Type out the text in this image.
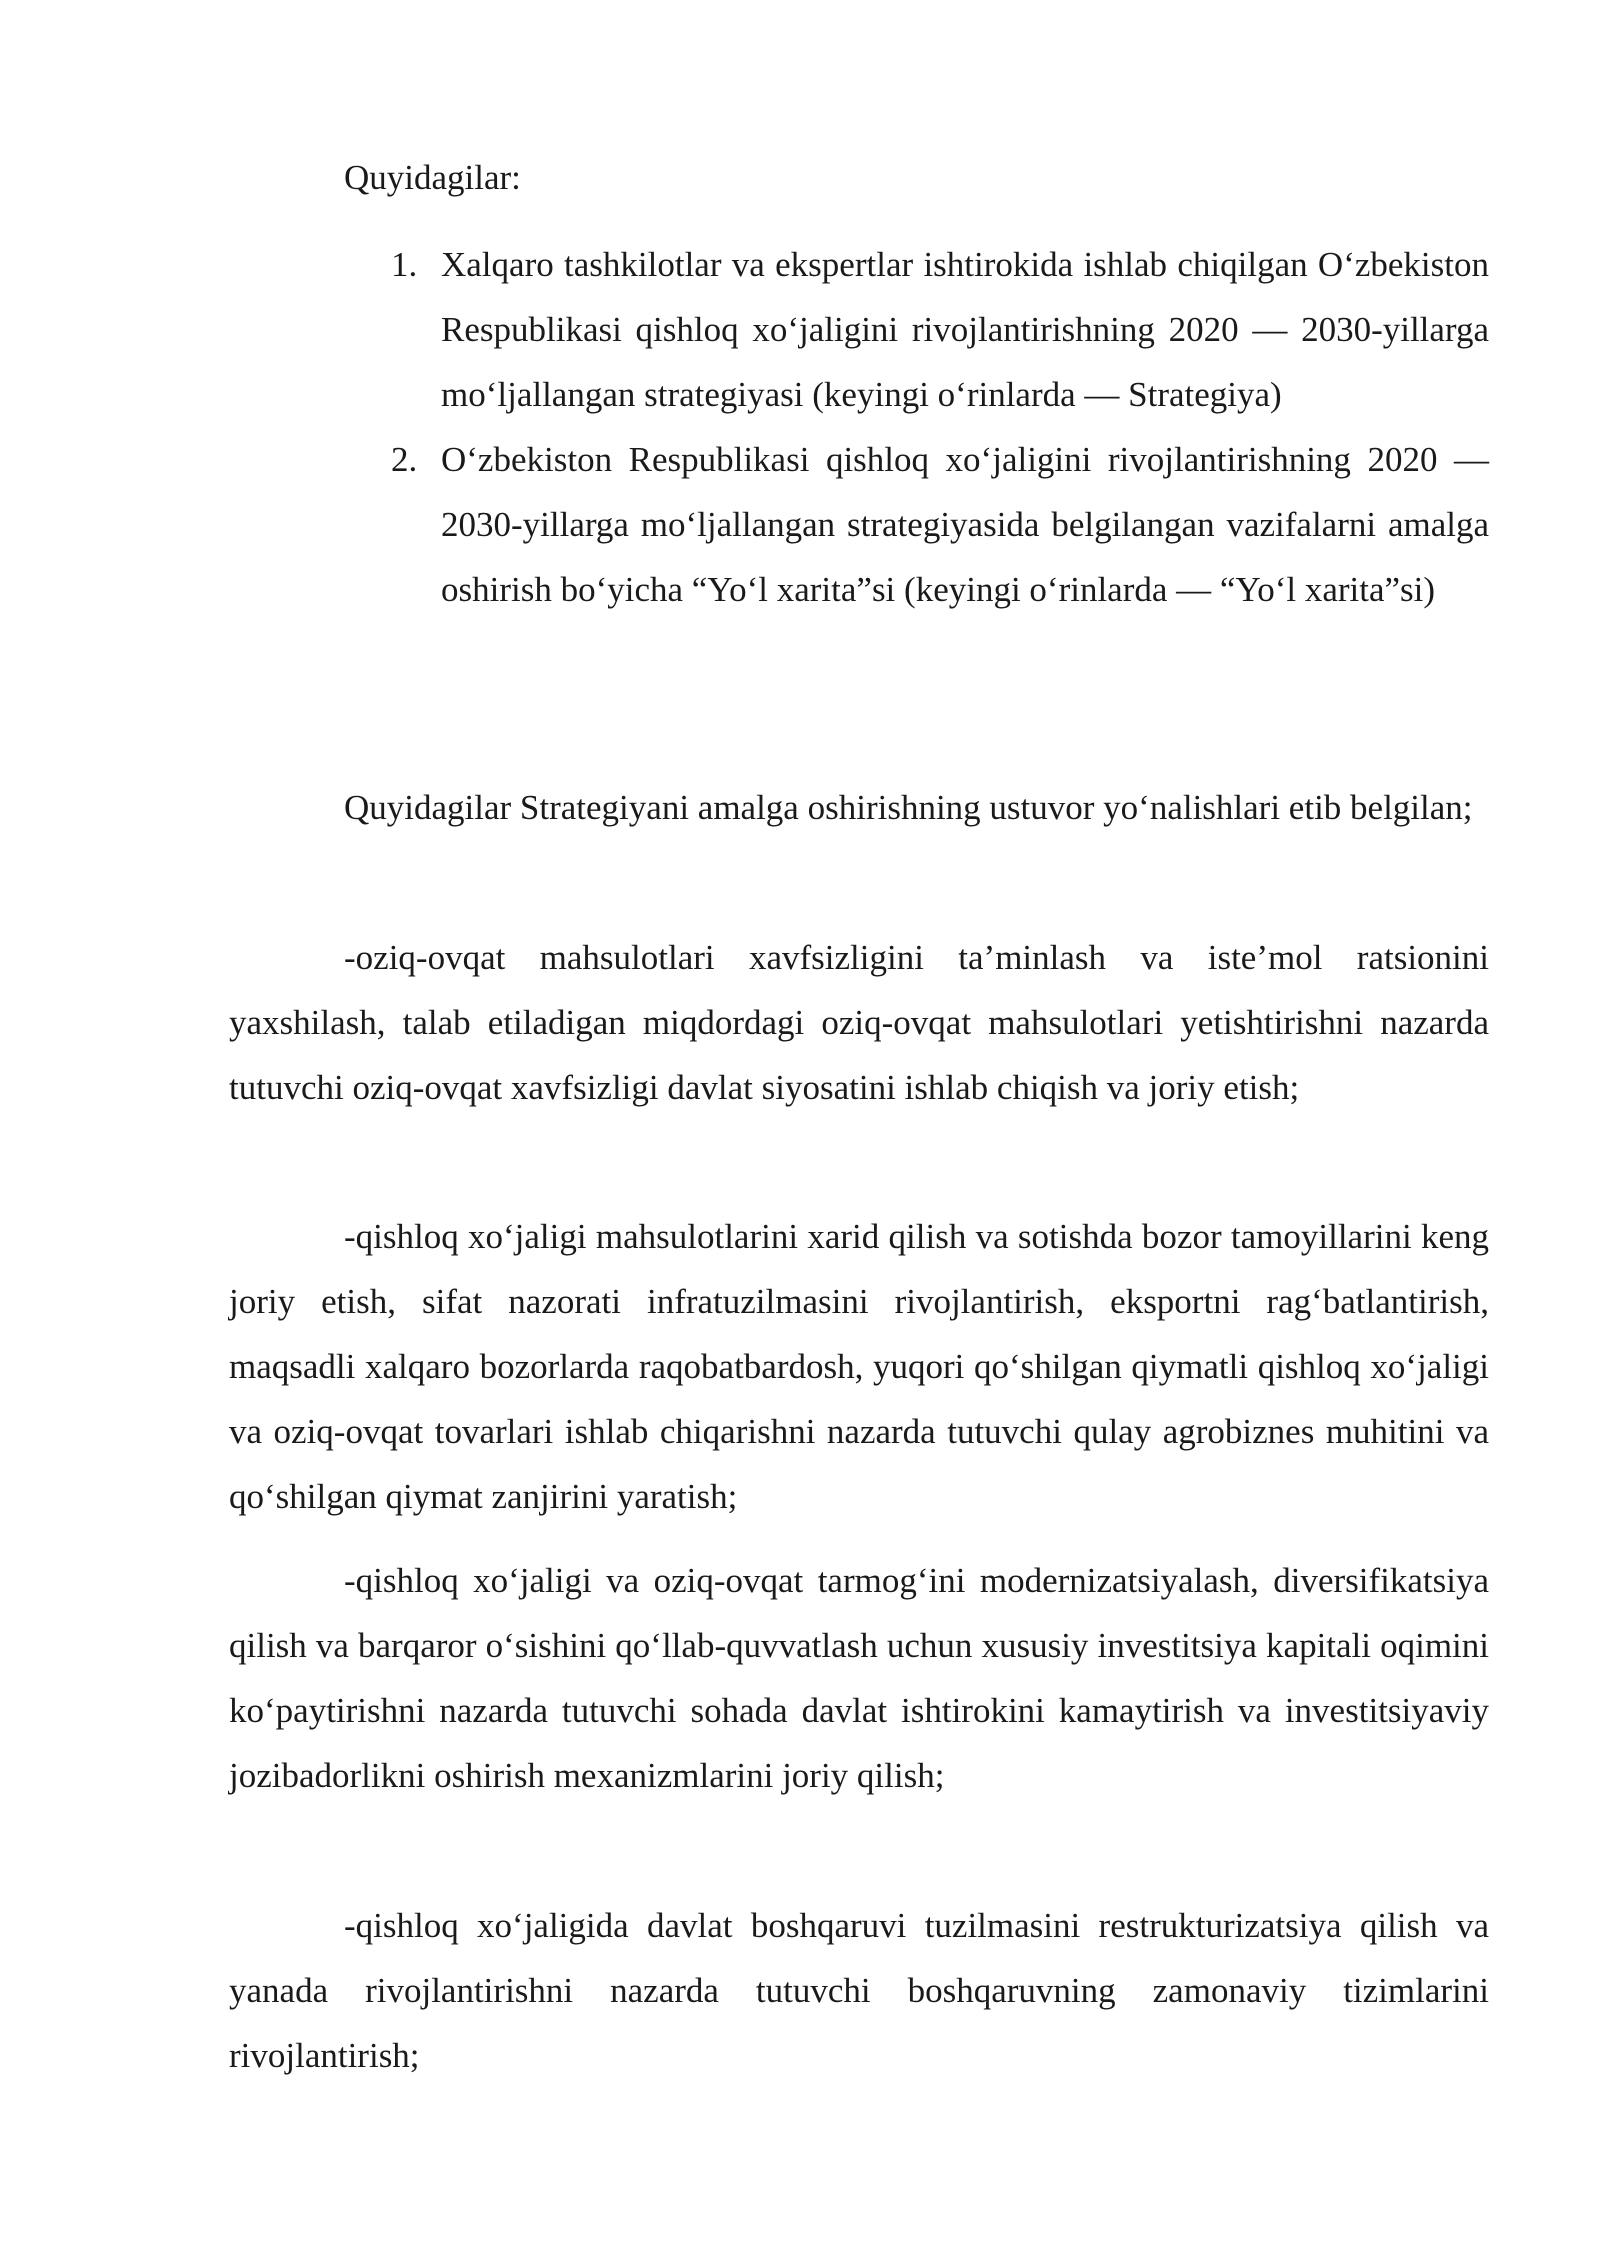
Quyidagilar:

1. Xalqaro tashkilotlar va ekspertlar ishtirokida ishlab chiqilgan O‘zbekiston Respublikasi qishloq xo‘jaligini rivojlantirishning 2020 — 2030-yillarga mo‘ljallangan strategiyasi (keyingi o‘rinlarda — Strategiya)

2. O‘zbekiston Respublikasi qishloq xo‘jaligini rivojlantirishning 2020 — 2030-yillarga mo‘ljallangan strategiyasida belgilangan vazifalarni amalga oshirish bo‘yicha “Yo‘l xarita”si (keyingi o‘rinlarda — “Yo‘l xarita”si)

Quyidagilar Strategiyani amalga oshirishning ustuvor yo‘nalishlari etib belgilan;

-oziq-ovqat mahsulotlari xavfsizligini ta’minlash va iste’mol ratsionini yaxshilash, talab etiladigan miqdordagi oziq-ovqat mahsulotlari yetishtirishni nazarda tutuvchi oziq-ovqat xavfsizligi davlat siyosatini ishlab chiqish va joriy etish;

-qishloq xo‘jaligi mahsulotlarini xarid qilish va sotishda bozor tamoyillarini keng joriy etish, sifat nazorati infratuzilmasini rivojlantirish, eksportni rag‘batlantirish, maqsadli xalqaro bozorlarda raqobatbardosh, yuqori qo‘shilgan qiymatli qishloq xo‘jaligi va oziq-ovqat tovarlari ishlab chiqarishni nazarda tutuvchi qulay agrobiznes muhitini va qo‘shilgan qiymat zanjirini yaratish;

-qishloq xo‘jaligi va oziq-ovqat tarmog‘ini modernizatsiyalash, diversifikatsiya qilish va barqaror o‘sishini qo‘llab-quvvatlash uchun xususiy investitsiya kapitali oqimini ko‘paytirishni nazarda tutuvchi sohada davlat ishtirokini kamaytirish va investitsiyaviy jozibadorlikni oshirish mexanizmlarini joriy qilish;

-qishloq xo‘jaligida davlat boshqaruvi tuzilmasini restrukturizatsiya qilish va yanada rivojlantirishni nazarda tutuvchi boshqaruvning zamonaviy tizimlarini rivojlantirish;
